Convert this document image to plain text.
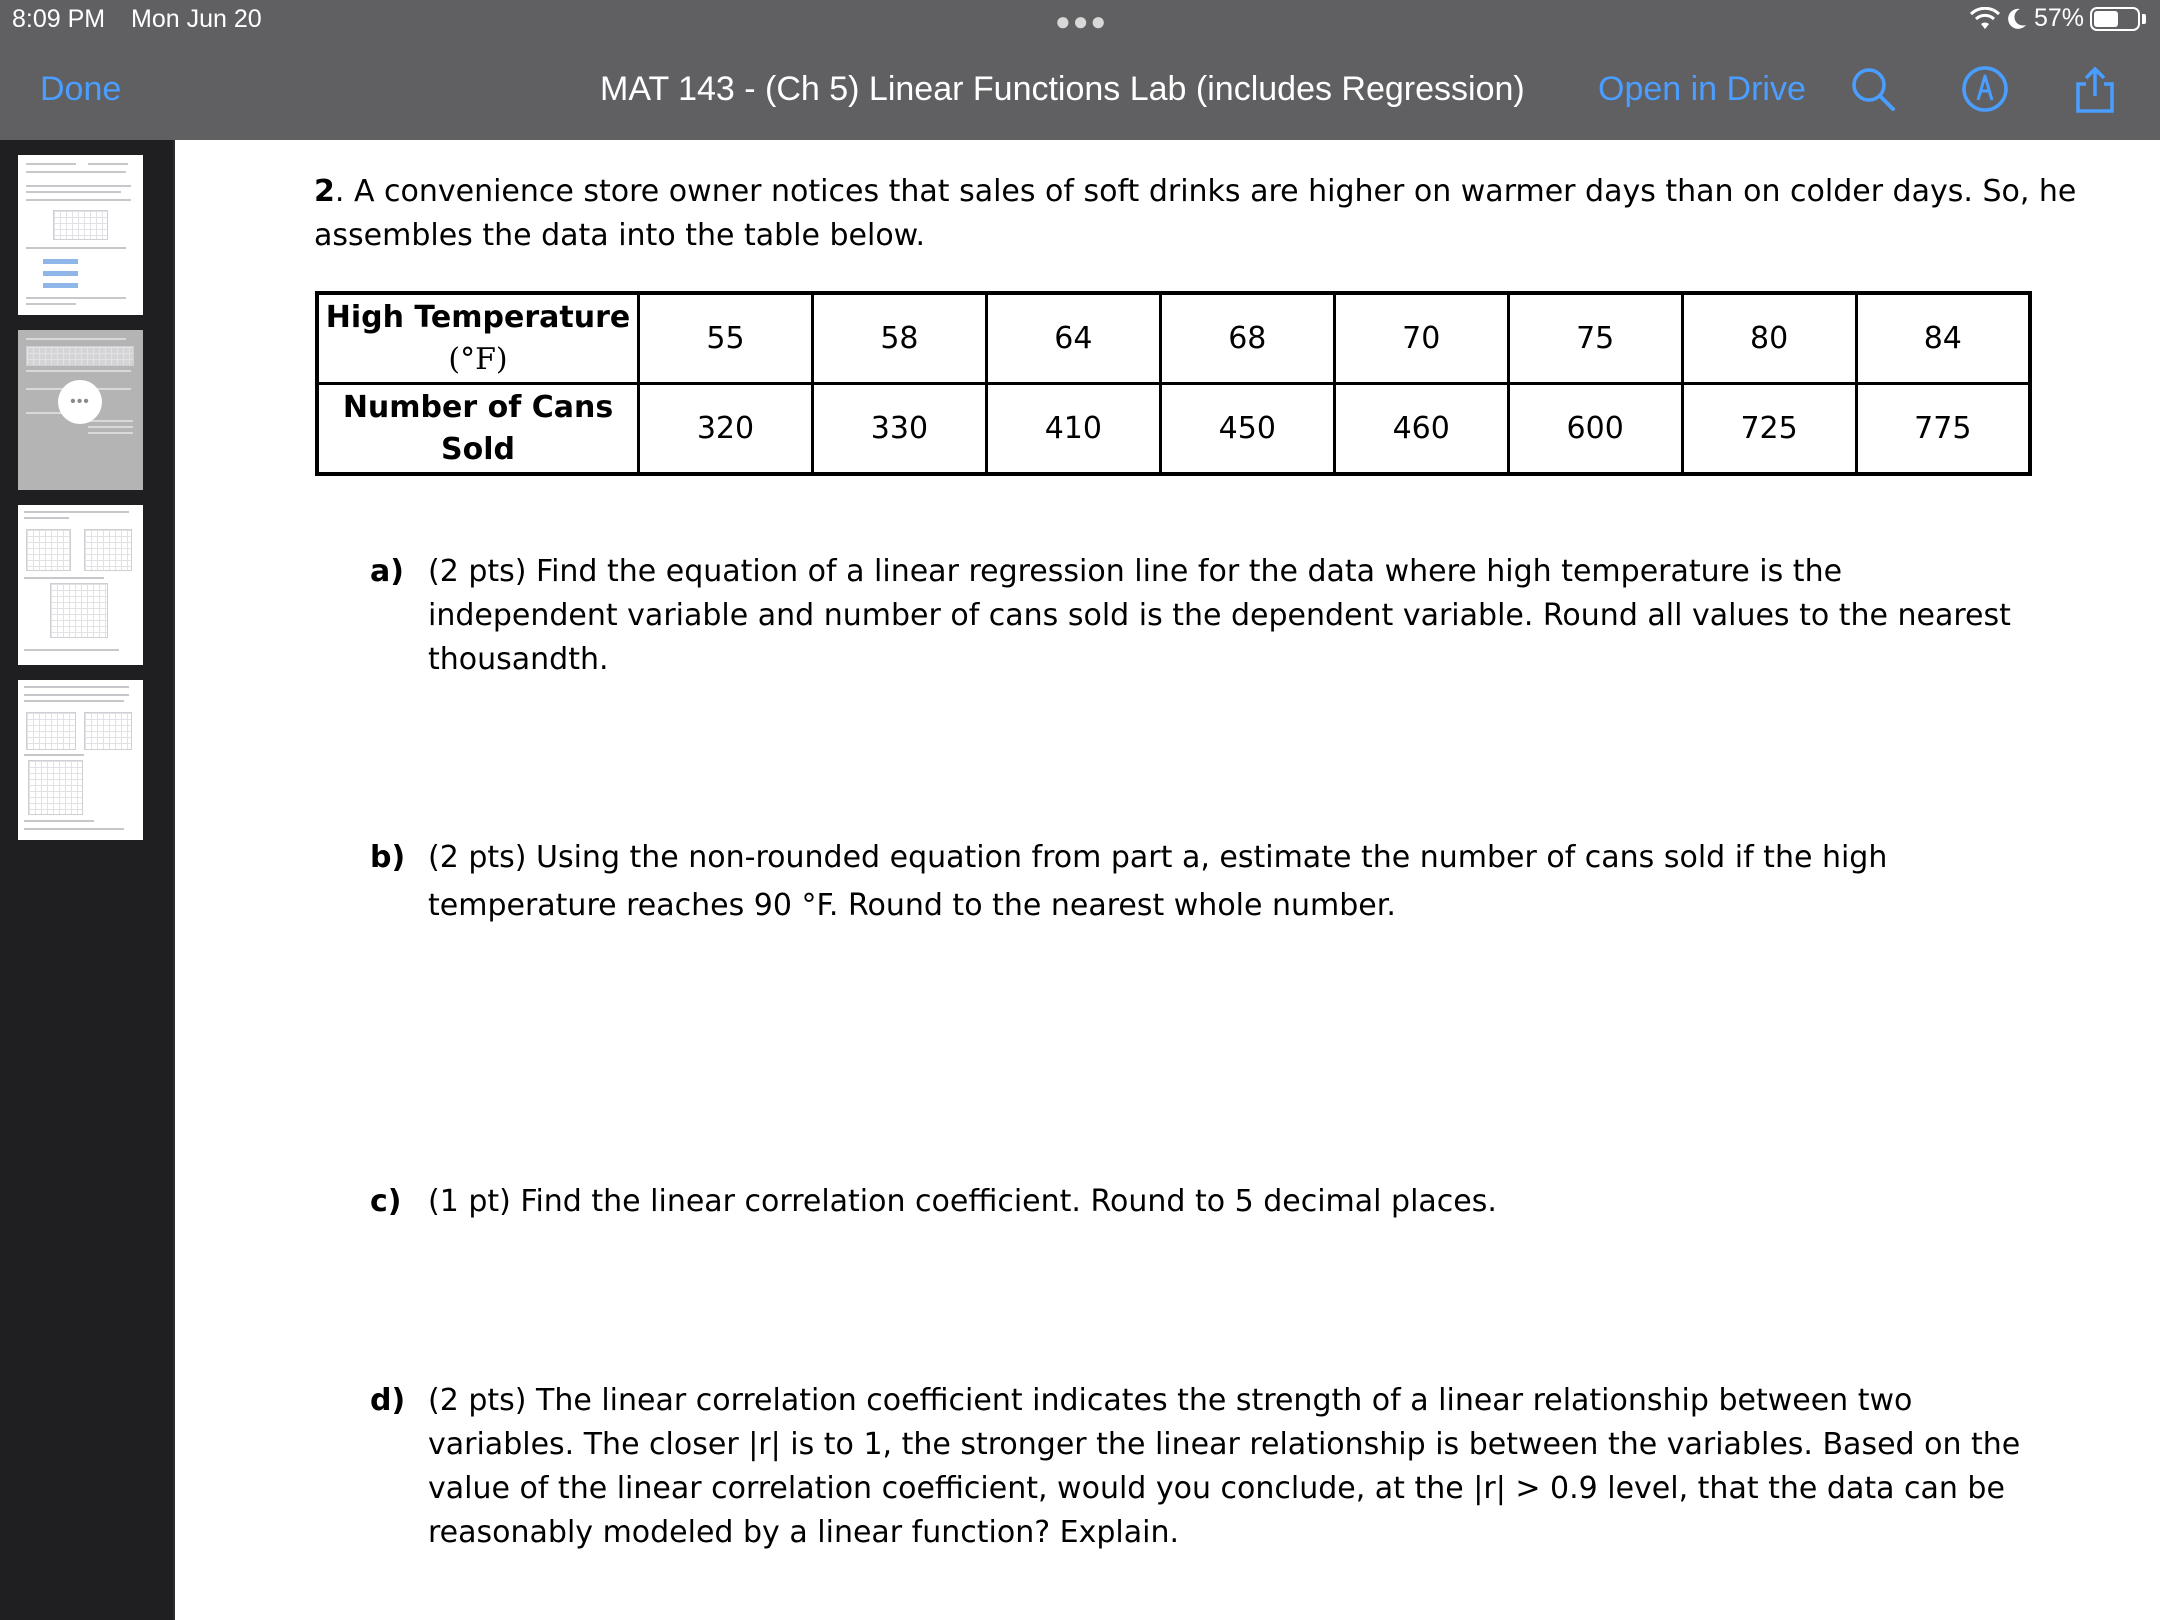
8:09 PM Mon Jun 20	●●●	57%
Done	MAT 143 - (Ch 5) Linear Functions Lab (includes Regression) Open in Drive
•••
2. A convenience store owner notices that sales of soft drinks are higher on warmer days than on colder days. So, he assembles the data into the table below.
High Temperature
(°F)	55	58	64	68	70	75	80	84

Number of Cans
Sold	320	330	410	450	460	600	725	775
a) (2 pts) Find the equation of a linear regression line for the data where high temperature is the independent variable and number of cans sold is the dependent variable. Round all values to the nearest thousandth.
b) (2 pts) Using the non-rounded equation from part a, estimate the number of cans sold if the high temperature reaches 90 °F. Round to the nearest whole number.
c) (1 pt) Find the linear correlation coefficient. Round to 5 decimal places.
d) (2 pts) The linear correlation coefficient indicates the strength of a linear relationship between two variables. The closer |r| is to 1, the stronger the linear relationship is between the variables. Based on the value of the linear correlation coefficient, would you conclude, at the |r| > 0.9 level, that the data can be reasonably modeled by a linear function? Explain.
